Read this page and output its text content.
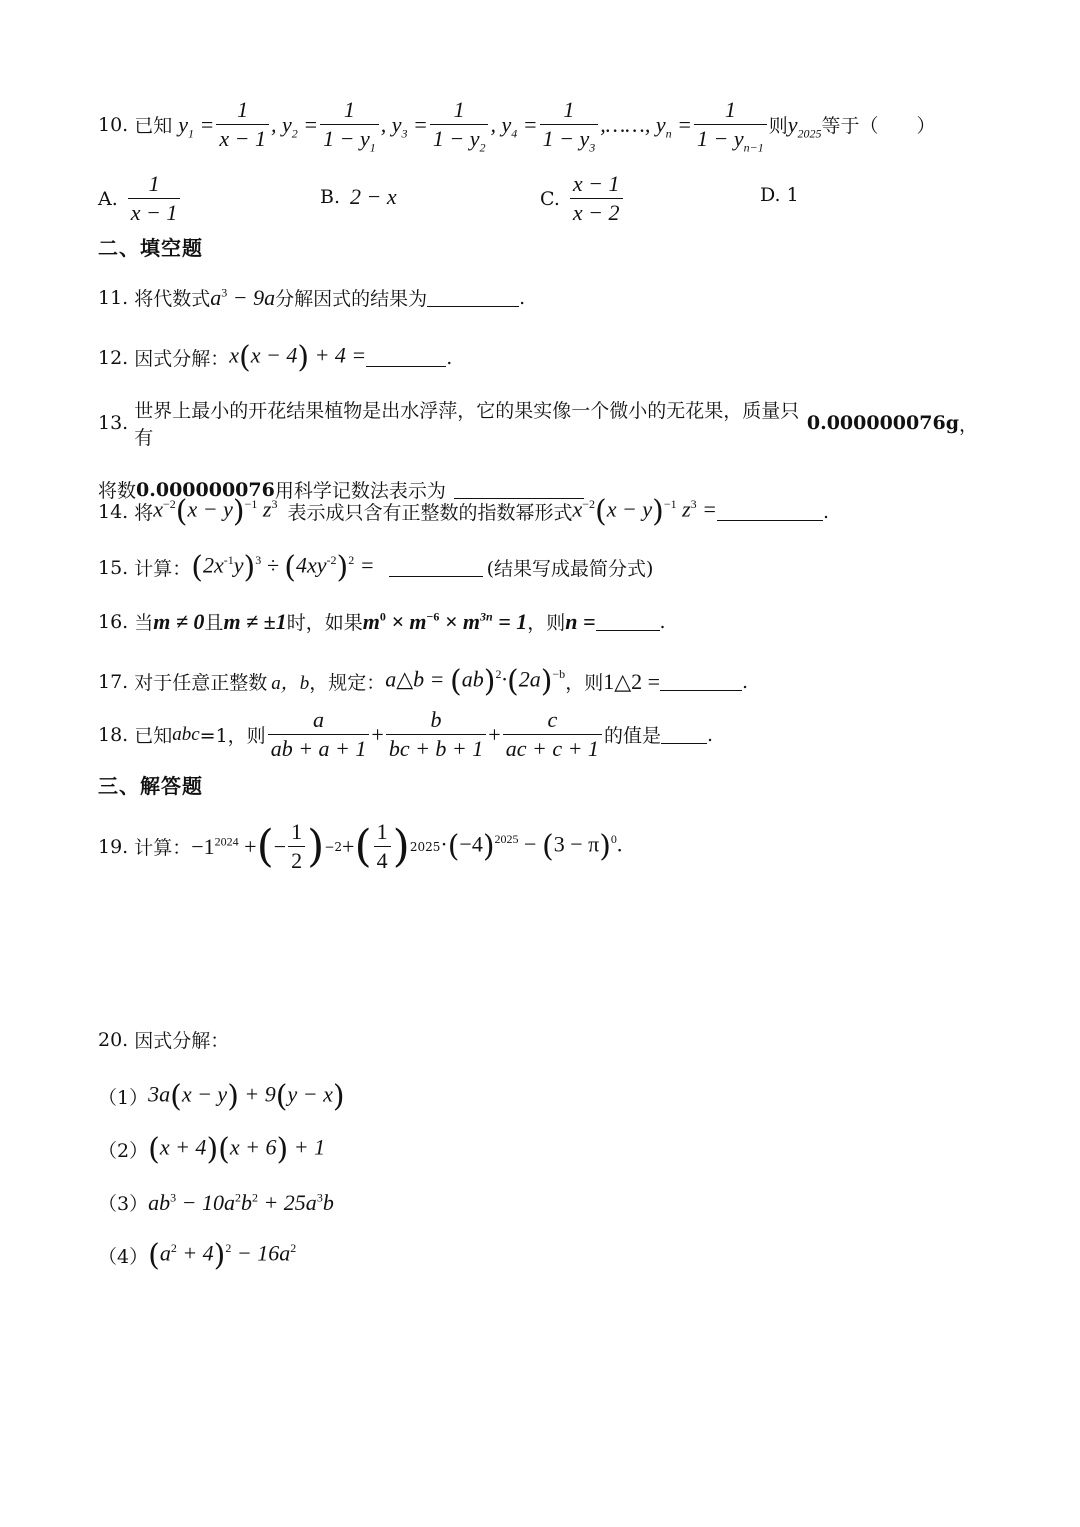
10. 已知 $y_1 = \frac{1}{x - 1}$ , $y_2 = \frac{1}{1 - y_1}$ , $y_3 = \frac{1}{1 - y_2}$ , $y_4 = \frac{1}{1 - y_3}$ ,……, $y_n = \frac{1}{1 - y_{n-1}}$ 则 $y_{2025}$ 等于（　　）
A. $\frac{1}{x - 1}$	B. 2 − x	C. $\frac{x - 1}{x - 2}$	D. 1
二、填空题
11. 将代数式 $a^3 - 9a$ 分解因式的结果为	.
12. 因式分解： x(x − 4) + 4 =	.
13.
世界上最小的开花结果植物是出水浮萍，它的果实像一个微小的无花果，质量只有
0.000000076g ，
将数 0.000000076 用科学记数法表示为
14. 将 $x^{-2}(x - y)^{-1}$ $z^3$ 表示成只含有正整数的指数幂形式 $x^{-2}(x - y)^{-1}$ $z^3$ =	.
15. 计算： $(2x^{-1}y)^3 \div (4xy^{-2})^2$ =	(结果写成最简分式)
16. 当 m ≠ 0 且 m ≠ ±1 时，如果 $m^0 \times m^{-6} \times m^{3n} = 1$ ，则 n =	.
17. 对于任意正整数 a，b ，规定： a△b = $(ab)^2\cdot(2a)^{-b}$ ，则 1△2 =	.
18. 已知 abc =1，则 $\frac{a}{ab + a + 1} + \frac{b}{bc + b + 1} + \frac{c}{ac + c + 1}$ 的值是 .
三、解答题
19. 计算： $-1^{2024}$ + ( − $\frac{1}{2}$ ) −2 + ( $\frac{1}{4}$ ) $2025 \cdot(-4)^{2025} - (3 - \pi)^0$.
20. 因式分解：
（1） 3a(x − y) + 9(y − x)
（2） (x + 4)(x + 6) + 1
（3） $ab^3 - 10a^2b^2 + 25a^3b$
（4） $(a^2 + 4)^2 - 16a^2$
